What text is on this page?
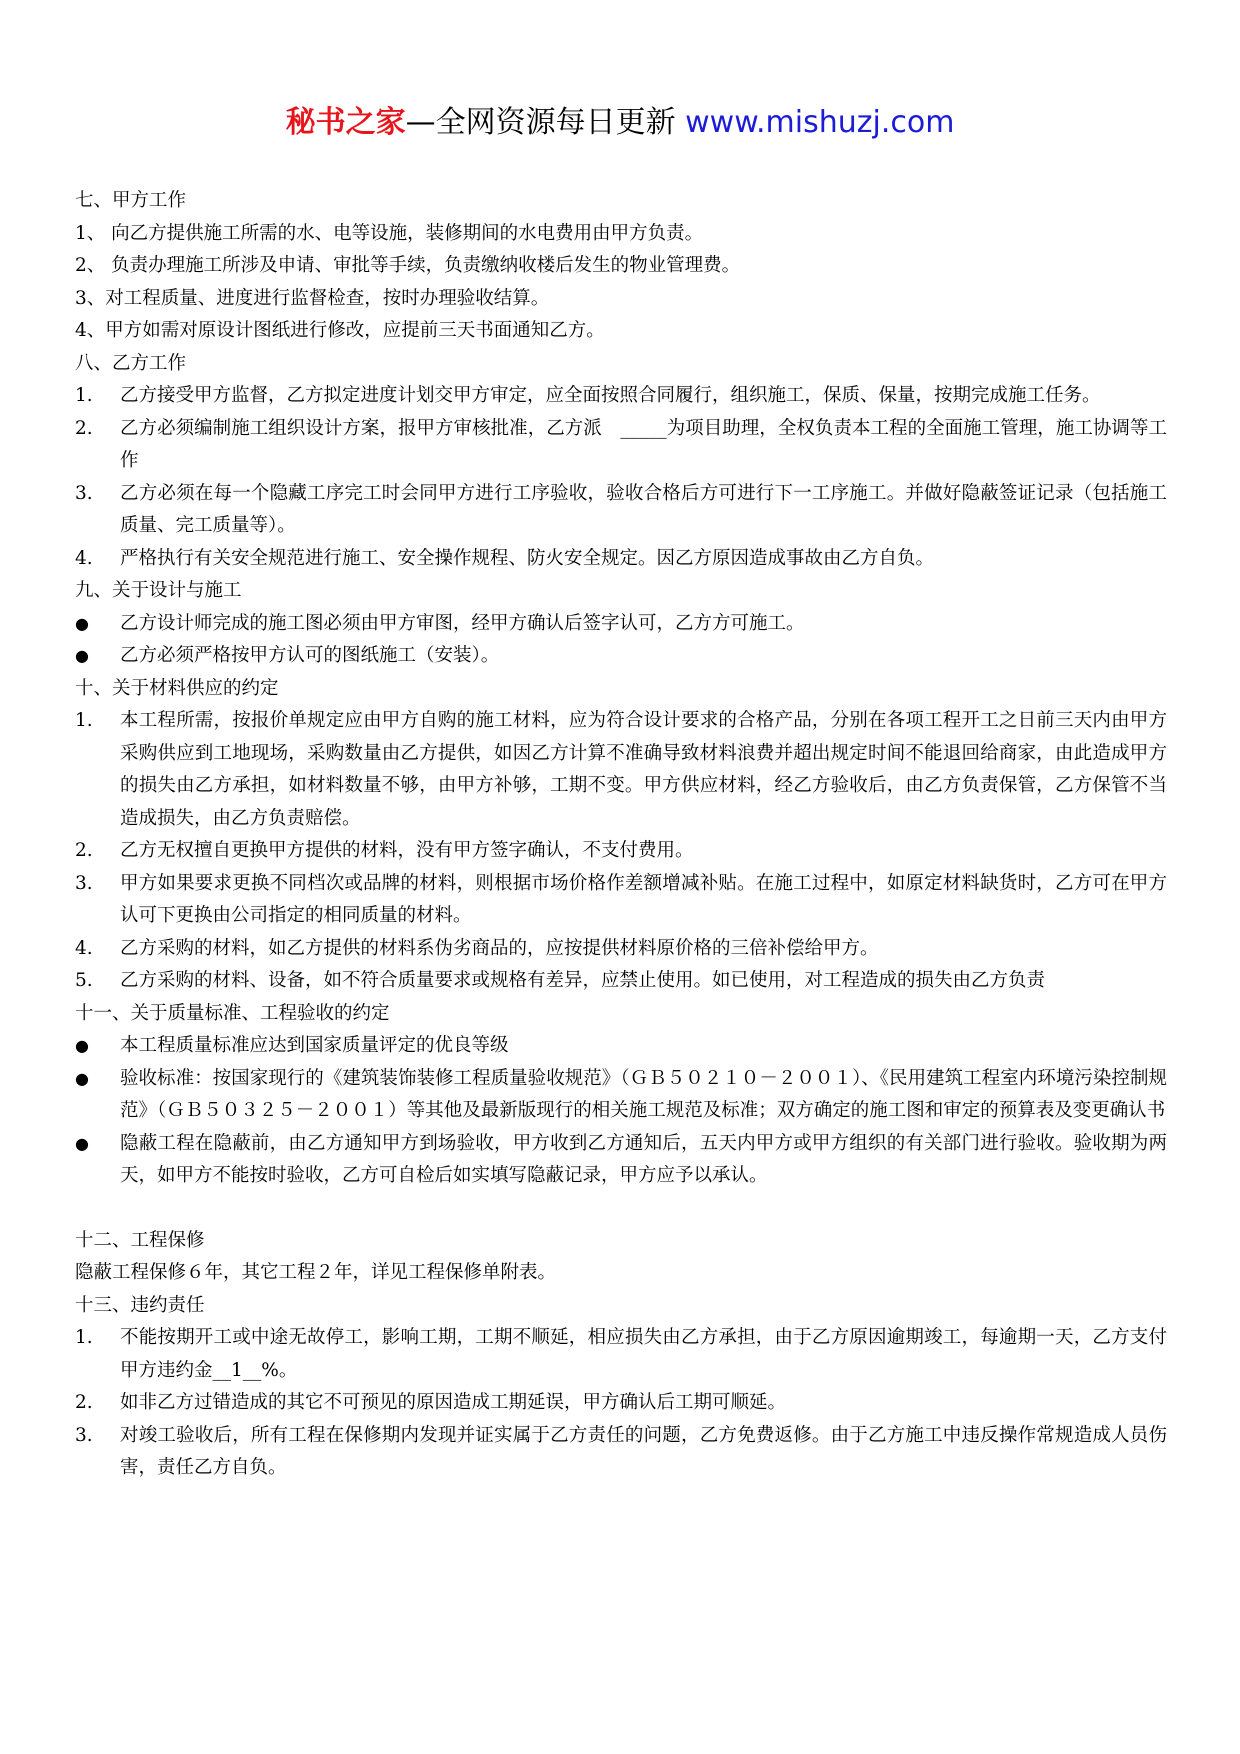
秘书之家—全网资源每日更新 www.mishuzj.com
七、甲方工作
1、 向乙方提供施工所需的水、电等设施，装修期间的水电费用由甲方负责。
2、 负责办理施工所涉及申请、审批等手续，负责缴纳收楼后发生的物业管理费。
3、对工程质量、进度进行监督检查，按时办理验收结算。
4、甲方如需对原设计图纸进行修改，应提前三天书面通知乙方。
八、乙方工作
1.	乙方接受甲方监督，乙方拟定进度计划交甲方审定，应全面按照合同履行，组织施工，保质、保量，按期完成施工任务。
2.	乙方必须编制施工组织设计方案，报甲方审核批准，乙方派　_____为项目助理，全权负责本工程的全面施工管理，施工协调等工作
3.	乙方必须在每一个隐藏工序完工时会同甲方进行工序验收，验收合格后方可进行下一工序施工。并做好隐蔽签证记录（包括施工质量、完工质量等）。
4.	严格执行有关安全规范进行施工、安全操作规程、防火安全规定。因乙方原因造成事故由乙方自负。
九、关于设计与施工
●	乙方设计师完成的施工图必须由甲方审图，经甲方确认后签字认可，乙方方可施工。
●	乙方必须严格按甲方认可的图纸施工（安装）。
十、关于材料供应的约定
1.	本工程所需，按报价单规定应由甲方自购的施工材料，应为符合设计要求的合格产品，分别在各项工程开工之日前三天内由甲方采购供应到工地现场，采购数量由乙方提供，如因乙方计算不准确导致材料浪费并超出规定时间不能退回给商家，由此造成甲方的损失由乙方承担，如材料数量不够，由甲方补够，工期不变。甲方供应材料，经乙方验收后，由乙方负责保管，乙方保管不当造成损失，由乙方负责赔偿。
2.	乙方无权擅自更换甲方提供的材料，没有甲方签字确认，不支付费用。
3.	甲方如果要求更换不同档次或品牌的材料，则根据市场价格作差额增减补贴。在施工过程中，如原定材料缺货时，乙方可在甲方认可下更换由公司指定的相同质量的材料。
4.	乙方采购的材料，如乙方提供的材料系伪劣商品的，应按提供材料原价格的三倍补偿给甲方。
5.	乙方采购的材料、设备，如不符合质量要求或规格有差异，应禁止使用。如已使用，对工程造成的损失由乙方负责
十一、关于质量标准、工程验收的约定
●	本工程质量标准应达到国家质量评定的优良等级
●	验收标准：按国家现行的《建筑装饰装修工程质量验收规范》（ＧＢ５０２１０－２００１）、《民用建筑工程室内环境污染控制规范》（ＧＢ５０３２５－２００１）等其他及最新版现行的相关施工规范及标准；双方确定的施工图和审定的预算表及变更确认书
●	隐蔽工程在隐蔽前，由乙方通知甲方到场验收，甲方收到乙方通知后，五天内甲方或甲方组织的有关部门进行验收。验收期为两天，如甲方不能按时验收，乙方可自检后如实填写隐蔽记录，甲方应予以承认。
十二、工程保修
隐蔽工程保修６年，其它工程２年，详见工程保修单附表。
十三、违约责任
1.	不能按期开工或中途无故停工，影响工期，工期不顺延，相应损失由乙方承担，由于乙方原因逾期竣工，每逾期一天，乙方支付甲方违约金__1__%。
2.	如非乙方过错造成的其它不可预见的原因造成工期延误，甲方确认后工期可顺延。
3.	对竣工验收后，所有工程在保修期内发现并证实属于乙方责任的问题，乙方免费返修。由于乙方施工中违反操作常规造成人员伤害，责任乙方自负。
